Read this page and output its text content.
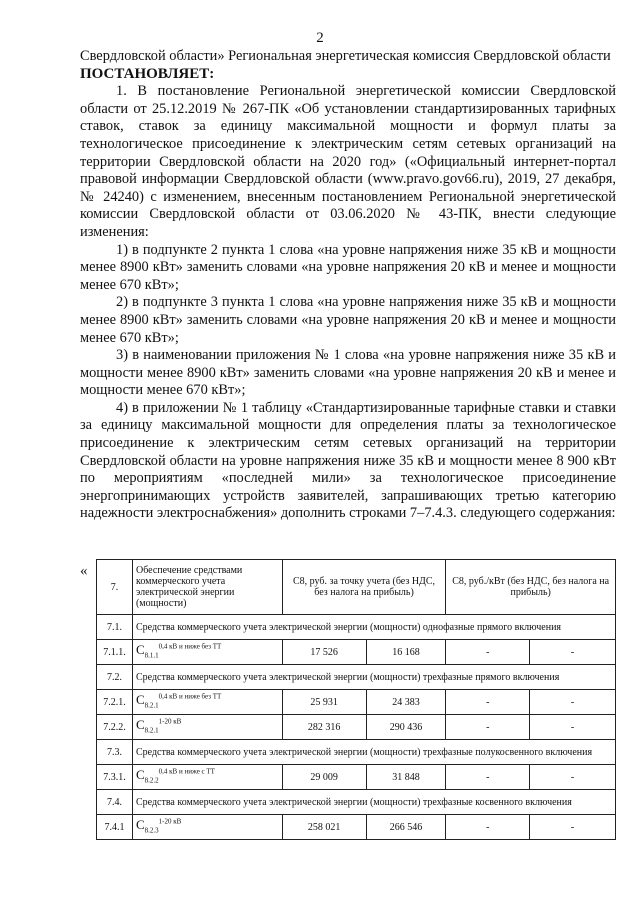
2

Свердловской области» Региональная энергетическая комиссия Свердловской области

ПОСТАНОВЛЯЕТ:

1. В постановление Региональной энергетической комиссии Свердловской области от 25.12.2019 № 267-ПК «Об установлении стандартизированных тарифных ставок, ставок за единицу максимальной мощности и формул платы за технологическое присоединение к электрическим сетям сетевых организаций на территории Свердловской области на 2020 год» («Официальный интернет-портал правовой информации Свердловской области (www.pravo.gov66.ru), 2019, 27 декабря, № 24240) с изменением, внесенным постановлением Региональной энергетической комиссии Свердловской области от 03.06.2020 № 43-ПК, внести следующие изменения:

1) в подпункте 2 пункта 1 слова «на уровне напряжения ниже 35 кВ и мощности менее 8900 кВт» заменить словами «на уровне напряжения 20 кВ и менее и мощности менее 670 кВт»;

2) в подпункте 3 пункта 1 слова «на уровне напряжения ниже 35 кВ и мощности менее 8900 кВт» заменить словами «на уровне напряжения 20 кВ и менее и мощности менее 670 кВт»;

3) в наименовании приложения № 1 слова «на уровне напряжения ниже 35 кВ и мощности менее 8900 кВт» заменить словами «на уровне напряжения 20 кВ и менее и мощности менее 670 кВт»;

4) в приложении № 1 таблицу «Стандартизированные тарифные ставки и ставки за единицу максимальной мощности для определения платы за технологическое присоединение к электрическим сетям сетевых организаций на территории Свердловской области на уровне напряжения ниже 35 кВ и мощности менее 8 900 кВт по мероприятиям «последней мили» за технологическое присоединение энергопринимающих устройств заявителей, запрашивающих третью категорию надежности электроснабжения» дополнить строками 7–7.4.3. следующего содержания:

«
7.	Обеспечение средствами коммерческого учета электрической энергии (мощности)	С8, руб. за точку учета (без НДС, без налога на прибыль)		С8, руб./кВт (без НДС, без налога на прибыль)	
7.1.	Средства коммерческого учета электрической энергии (мощности) однофазные прямого включения				
7.1.1.	$С_{8.1.1}^{0,4 кВ и ниже без ТТ}$	17 526	16 168	-	-
7.2.	Средства коммерческого учета электрической энергии (мощности) трехфазные прямого включения				
7.2.1.	$С_{8.2.1}^{0,4 кВ и ниже без ТТ}$	25 931	24 383	-	-
7.2.2.	$С_{8.2.1}^{1-20 кВ}$	282 316	290 436	-	-
7.3.	Средства коммерческого учета электрической энергии (мощности) трехфазные полукосвенного включения				
7.3.1.	$С_{8.2.2}^{0,4 кВ и ниже с ТТ}$	29 009	31 848	-	-
7.4.	Средства коммерческого учета электрической энергии (мощности) трехфазные косвенного включения				
7.4.1	$С_{8.2.3}^{1-20 кВ}$	258 021	266 546	-	-
